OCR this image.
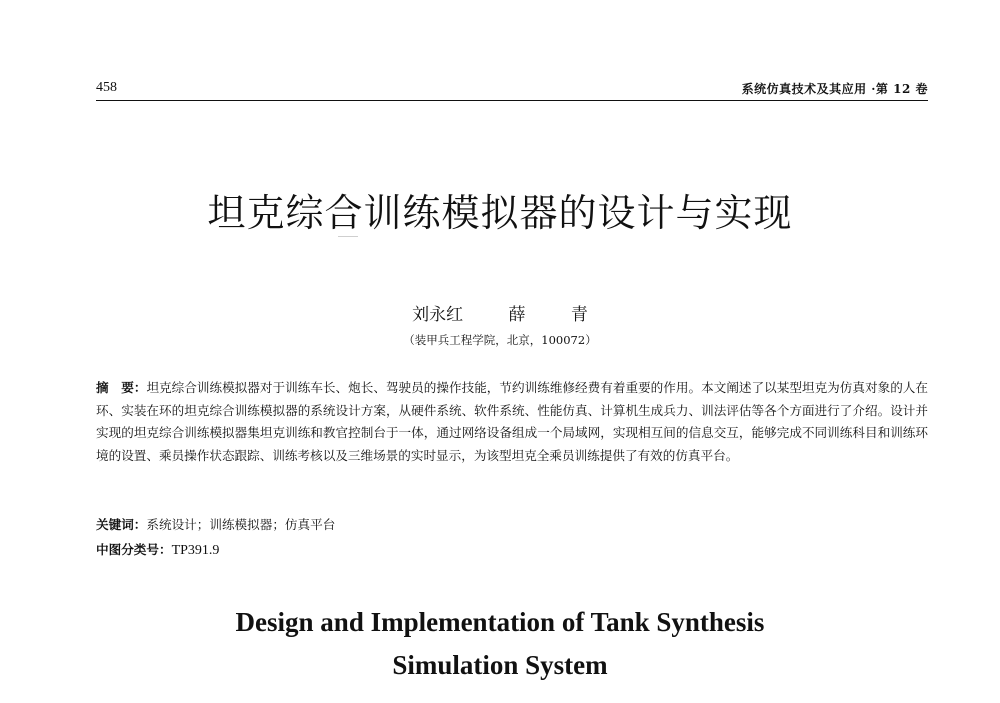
458	系统仿真技术及其应用 ·第 12 卷
坦克综合训练模拟器的设计与实现
刘永红	薛 青
（装甲兵工程学院，北京，100072）
摘　要：坦克综合训练模拟器对于训练车长、炮长、驾驶员的操作技能，节约训练维修经费有着重要的作用。本文阐述了以某型坦克为仿真对象的人在环、实装在环的坦克综合训练模拟器的系统设计方案，从硬件系统、软件系统、性能仿真、计算机生成兵力、训法评估等各个方面进行了介绍。设计并实现的坦克综合训练模拟器集坦克训练和教官控制台于一体，通过网络设备组成一个局域网，实现相互间的信息交互，能够完成不同训练科目和训练环境的设置、乘员操作状态跟踪、训练考核以及三维场景的实时显示，为该型坦克全乘员训练提供了有效的仿真平台。
关键词：系统设计；训练模拟器；仿真平台
中图分类号：TP391.9
Design and Implementation of Tank Synthesis
Simulation System
